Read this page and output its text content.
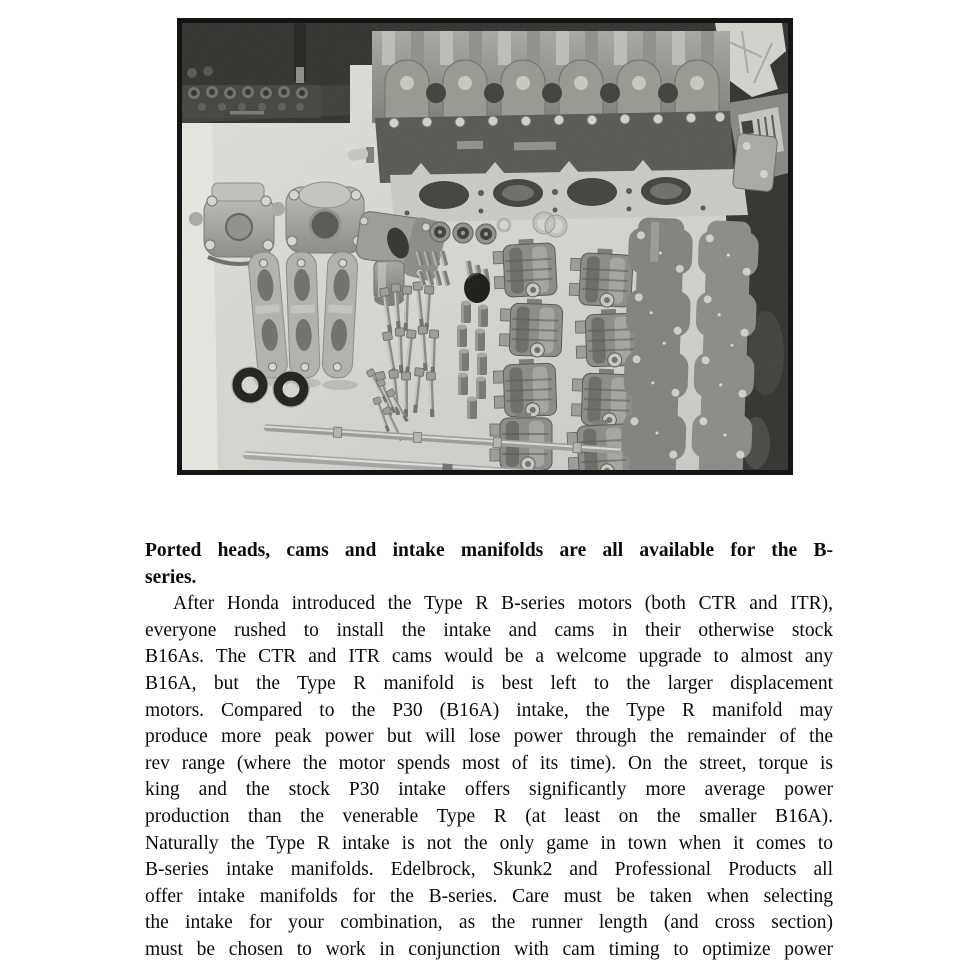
Ported heads, cams and intake manifolds are all available for the B-
series.
After Honda introduced the Type R B-series motors (both CTR and ITR),
everyone rushed to install the intake and cams in their otherwise stock
B16As. The CTR and ITR cams would be a welcome upgrade to almost any
B16A, but the Type R manifold is best left to the larger displacement
motors. Compared to the P30 (B16A) intake, the Type R manifold may
produce more peak power but will lose power through the remainder of the
rev range (where the motor spends most of its time). On the street, torque is
king and the stock P30 intake offers significantly more average power
production than the venerable Type R (at least on the smaller B16A).
Naturally the Type R intake is not the only game in town when it comes to
B-series intake manifolds. Edelbrock, Skunk2 and Professional Products all
offer intake manifolds for the B-series. Care must be taken when selecting
the intake for your combination, as the runner length (and cross section)
must be chosen to work in conjunction with cam timing to optimize power
